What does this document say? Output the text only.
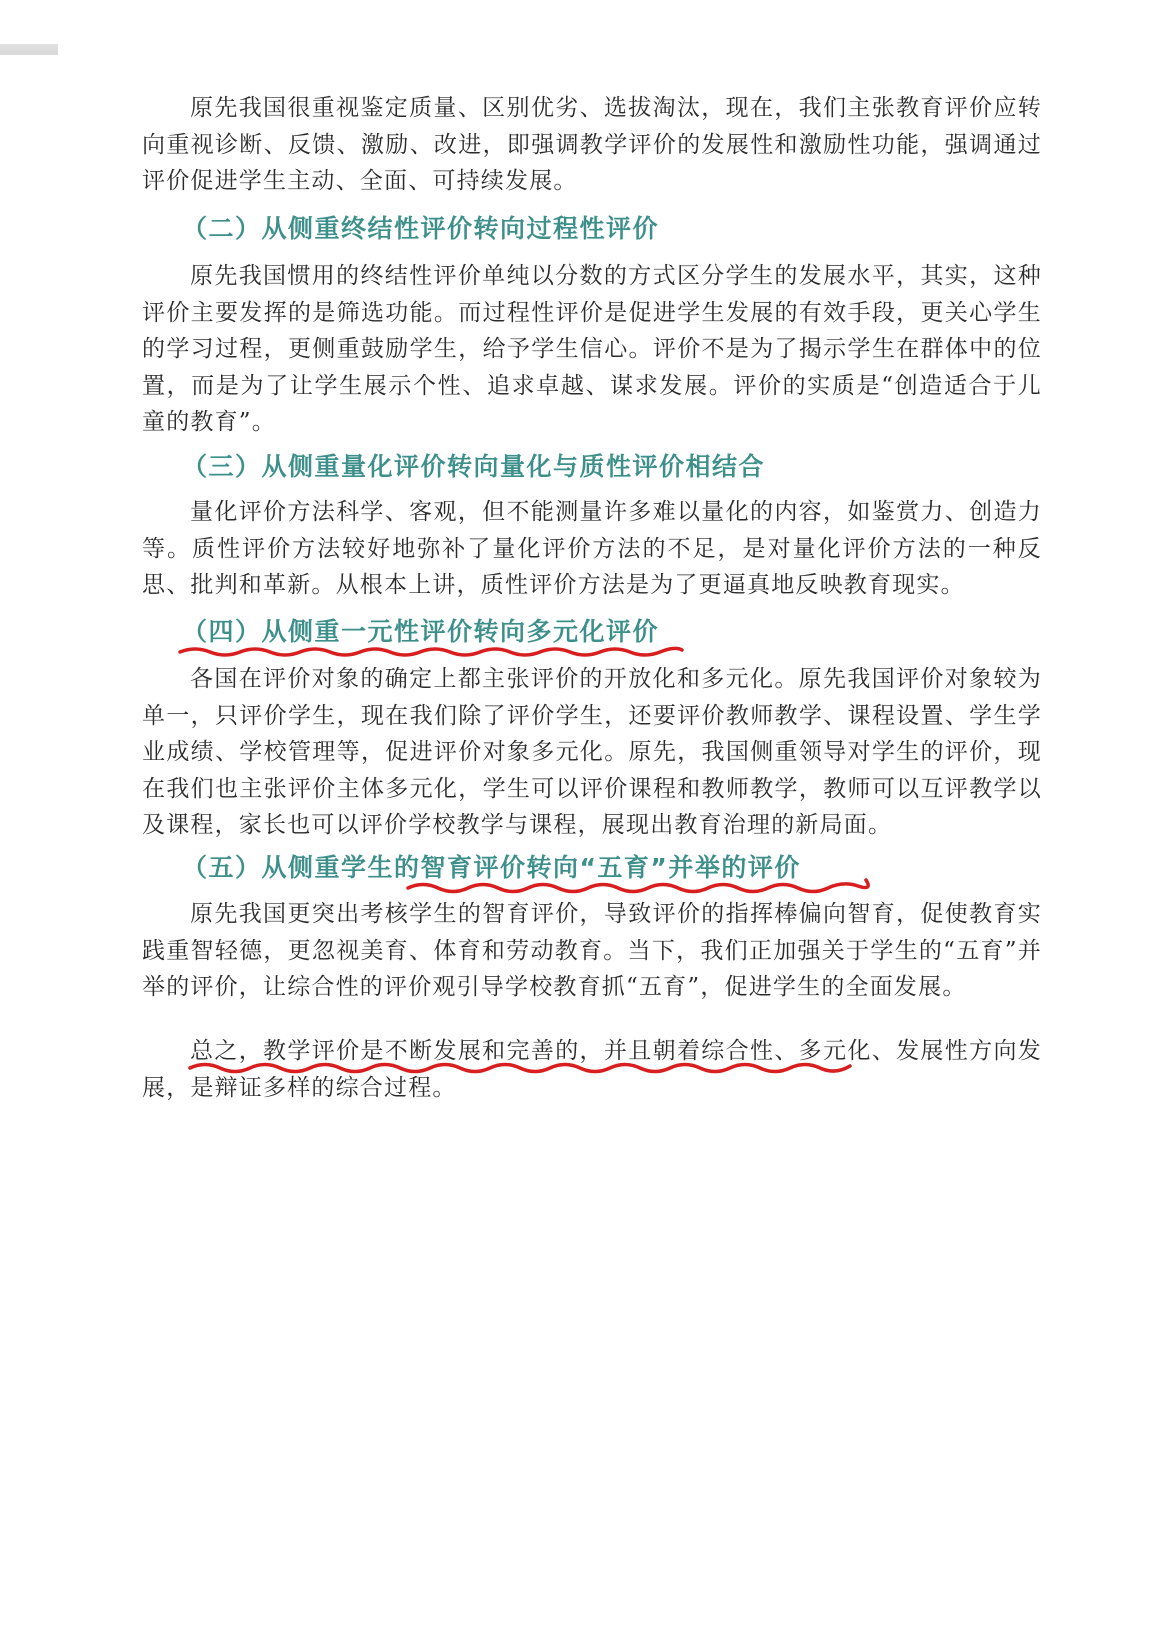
原先我国很重视鉴定质量、区别优劣、选拔淘汰，现在，我们主张教育评价应转向重视诊断、反馈、激励、改进，即强调教学评价的发展性和激励性功能，强调通过评价促进学生主动、全面、可持续发展。

（二）从侧重终结性评价转向过程性评价

原先我国惯用的终结性评价单纯以分数的方式区分学生的发展水平，其实，这种评价主要发挥的是筛选功能。而过程性评价是促进学生发展的有效手段，更关心学生的学习过程，更侧重鼓励学生，给予学生信心。评价不是为了揭示学生在群体中的位置，而是为了让学生展示个性、追求卓越、谋求发展。评价的实质是“创造适合于儿童的教育”。

（三）从侧重量化评价转向量化与质性评价相结合

量化评价方法科学、客观，但不能测量许多难以量化的内容，如鉴赏力、创造力等。质性评价方法较好地弥补了量化评价方法的不足，是对量化评价方法的一种反思、批判和革新。从根本上讲，质性评价方法是为了更逼真地反映教育现实。

（四）从侧重一元性评价转向多元化评价

各国在评价对象的确定上都主张评价的开放化和多元化。原先我国评价对象较为单一，只评价学生，现在我们除了评价学生，还要评价教师教学、课程设置、学生学业成绩、学校管理等，促进评价对象多元化。原先，我国侧重领导对学生的评价，现在我们也主张评价主体多元化，学生可以评价课程和教师教学，教师可以互评教学以及课程，家长也可以评价学校教学与课程，展现出教育治理的新局面。

（五）从侧重学生的智育评价转向“五育”并举的评价

原先我国更突出考核学生的智育评价，导致评价的指挥棒偏向智育，促使教育实践重智轻德，更忽视美育、体育和劳动教育。当下，我们正加强关于学生的“五育”并举的评价，让综合性的评价观引导学校教育抓“五育”，促进学生的全面发展。

总之，教学评价是不断发展和完善的，并且朝着综合性、多元化、发展性方向发展，是辩证多样的综合过程。
